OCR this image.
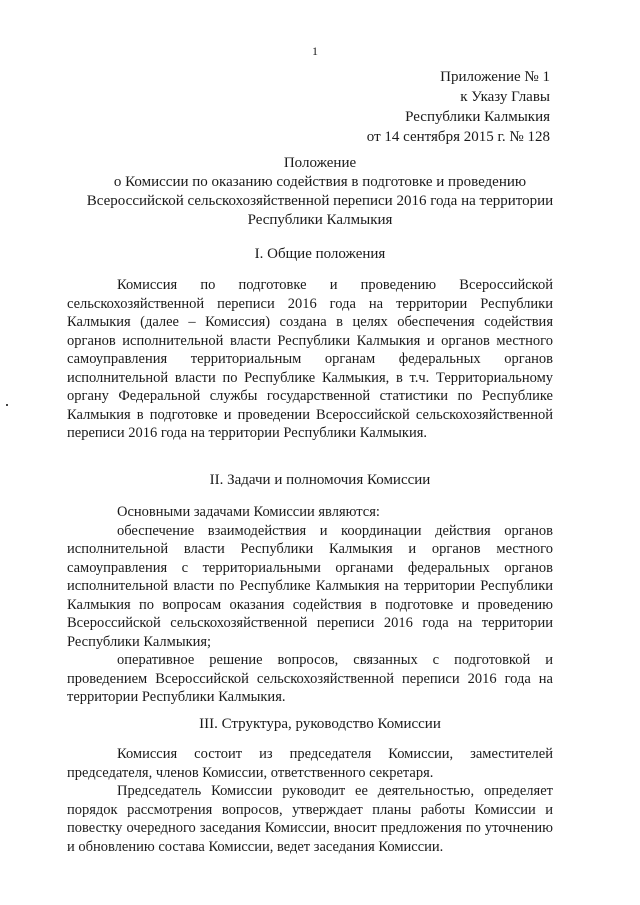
1
Приложение № 1
к Указу Главы
Республики Калмыкия
от 14 сентября 2015 г. № 128
Положение
о Комиссии по оказанию содействия в подготовке и проведению
Всероссийской сельскохозяйственной переписи 2016 года на территории
Республики Калмыкия
I. Общие положения

Комиссия по подготовке и проведению Всероссийской сельскохозяйственной переписи 2016 года на территории Республики Калмыкия (далее – Комиссия) создана в целях обеспечения содействия органов исполнительной власти Республики Калмыкия и органов местного самоуправления территориальным органам федеральных органов исполнительной власти по Республике Калмыкия, в т.ч. Территориальному органу Федеральной службы государственной статистики по Республике Калмыкия в подготовке и проведении Всероссийской сельскохозяйственной переписи 2016 года на территории Республики Калмыкия.

II. Задачи и полномочия Комиссии

Основными задачами Комиссии являются:

обеспечение взаимодействия и координации действия органов исполнительной власти Республики Калмыкия и органов местного самоуправления с территориальными органами федеральных органов исполнительной власти по Республике Калмыкия на территории Республики Калмыкия по вопросам оказания содействия в подготовке и проведению Всероссийской сельскохозяйственной переписи 2016 года на территории Республики Калмыкия;

оперативное решение вопросов, связанных с подготовкой и проведением Всероссийской сельскохозяйственной переписи 2016 года на территории Республики Калмыкия.

III. Структура, руководство Комиссии

Комиссия состоит из председателя Комиссии, заместителей председателя, членов Комиссии, ответственного секретаря.

Председатель Комиссии руководит ее деятельностью, определяет порядок рассмотрения вопросов, утверждает планы работы Комиссии и повестку очередного заседания Комиссии, вносит предложения по уточнению и обновлению состава Комиссии, ведет заседания Комиссии.
